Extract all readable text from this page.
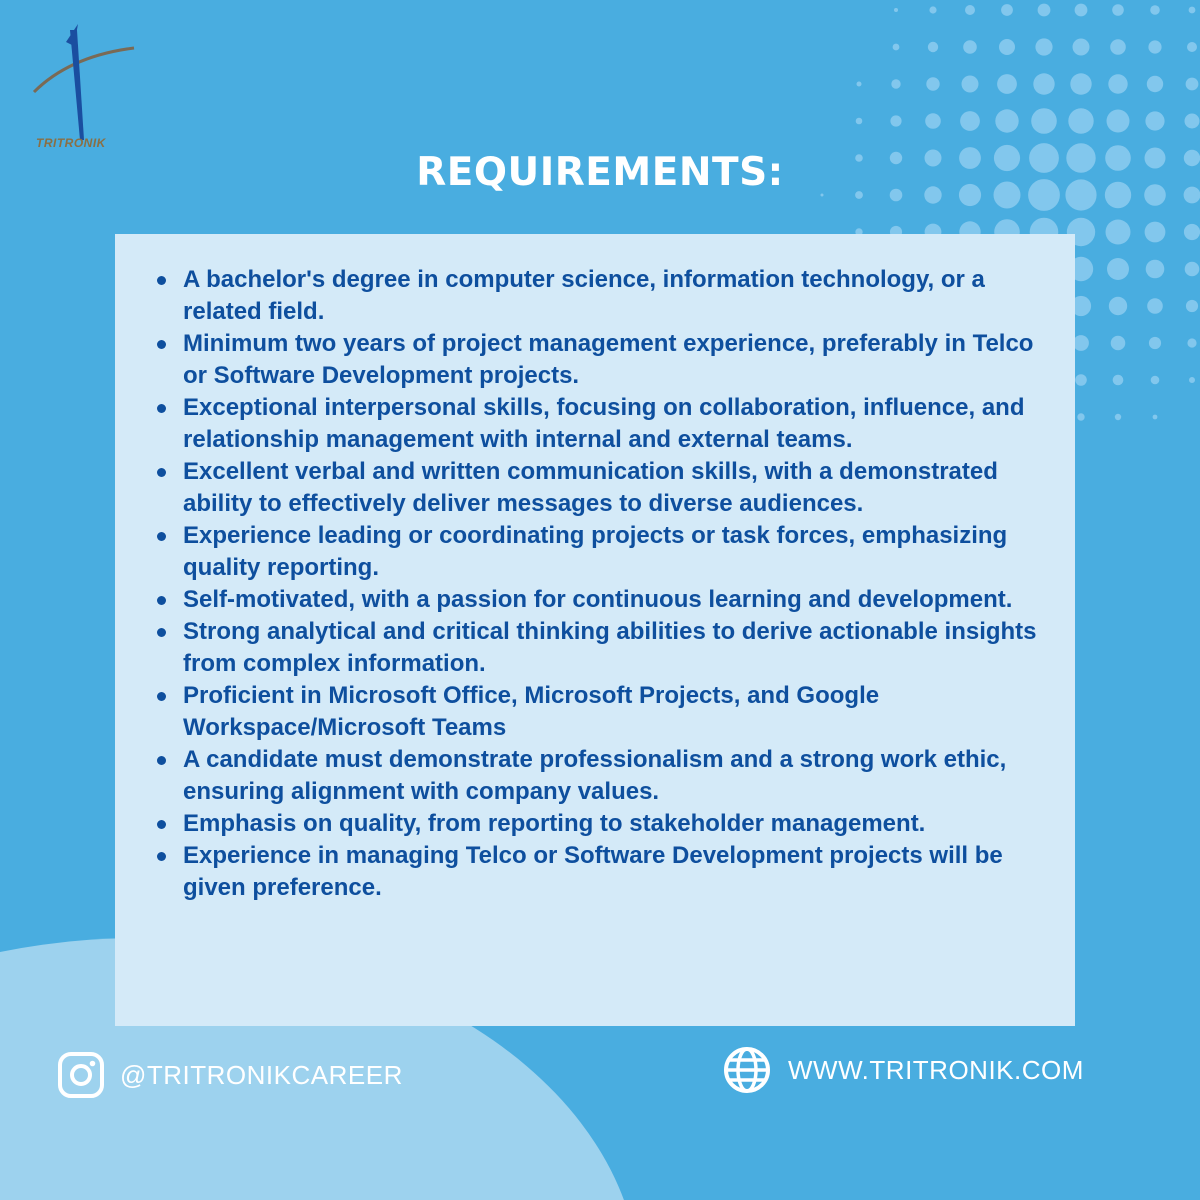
TRITRONIK
REQUIREMENTS:
A bachelor's degree in computer science, information technology, or a related field.
Minimum two years of project management experience, preferably in Telco or Software Development projects.
Exceptional interpersonal skills, focusing on collaboration, influence, and relationship management with internal and external teams.
Excellent verbal and written communication skills, with a demonstrated ability to effectively deliver messages to diverse audiences.
Experience leading or coordinating projects or task forces, emphasizing quality reporting.
Self-motivated, with a passion for continuous learning and development.
Strong analytical and critical thinking abilities to derive actionable insights from complex information.
Proficient in Microsoft Office, Microsoft Projects, and Google Workspace/Microsoft Teams
A candidate must demonstrate professionalism and a strong work ethic, ensuring alignment with company values.
Emphasis on quality, from reporting to stakeholder management.
Experience in managing Telco or Software Development projects will be given preference.
@TRITRONIKCAREER	WWW.TRITRONIK.COM
